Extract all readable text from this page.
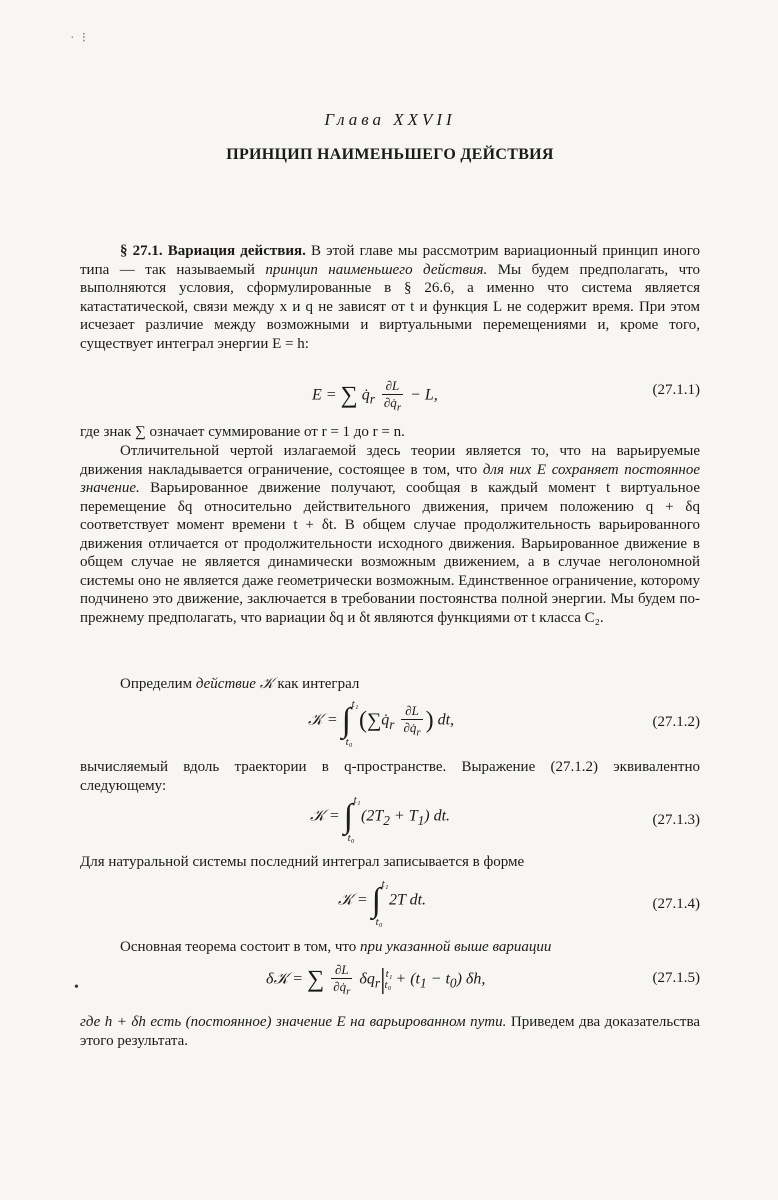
Глава XXVII
ПРИНЦИП НАИМЕНЬШЕГО ДЕЙСТВИЯ
§ 27.1. Вариация действия. В этой главе мы рассмотрим вариационный принцип иного типа — так называемый принцип наименьшего действия. Мы будем предполагать, что выполняются условия, сформулированные в § 26.6, а именно что система является катастатической, связи между x и q не зависят от t и функция L не содержит время. При этом исчезает различие между возможными и виртуальными перемещениями и, кроме того, существует интеграл энергии E = h:
E = ∑ $q̇_r \frac{\partial L}{\partial q̇_r} - L$,	(27.1.1)
где знак ∑ означает суммирование от r = 1 до r = n.
Отличительной чертой излагаемой здесь теории является то, что на варьируемые движения накладывается ограничение, состоящее в том, что для них E сохраняет постоянное значение. Варьированное движение получают, сообщая в каждый момент t виртуальное перемещение δq относительно действительного движения, причем положению q + δq соответствует момент времени t + δt. В общем случае продолжительность варьированного движения отличается от продолжительности исходного движения. Варьированное движение в общем случае не является динамически возможным движением, а в случае неголономной системы оно не является даже геометрически возможным. Единственное ограничение, которому подчинено это движение, заключается в требовании постоянства полной энергии. Мы будем по-прежнему предполагать, что вариации δq и δt являются функциями от t класса C₂.
Определим действие 𝒦 как интеграл
𝒦 = ∫ t₁
t₀
($\sum q̇_r \frac{\partial L}{\partial q̇_r}$ ) dt,	(27.1.2)
вычисляемый вдоль траектории в q-пространстве. Выражение (27.1.2) эквивалентно следующему:
𝒦 = ∫ t₁
t₀
$(2T_2 + T_1)$ dt.	(27.1.3)
Для натуральной системы последний интеграл записывается в форме
𝒦 = ∫ t₁
t₀
2T dt.	(27.1.4)
Основная теорема состоит в том, что при указанной выше вариации
δ𝒦 = ∑ $\frac{\partial L}{\partial q̇_r} \delta q_r|^{t_1}_{t_0} + (t_1 - t_0)$ δh,	(27.1.5)
где h + δh есть (постоянное) значение E на варьированном пути. Приведем два доказательства этого результата.
·  ⁝
•
